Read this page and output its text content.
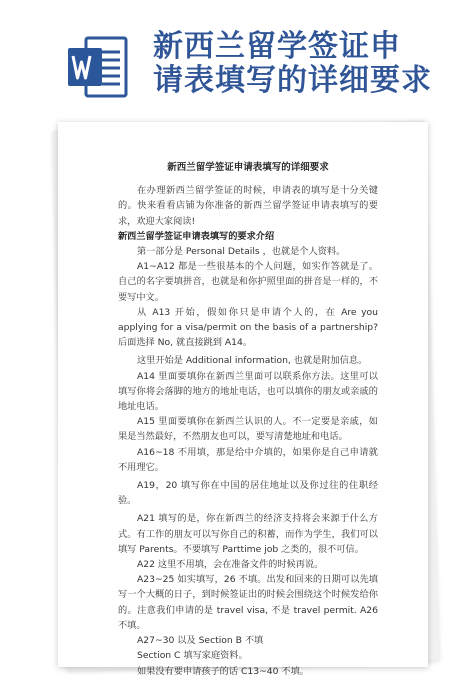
新西兰留学签证申
请表填写的详细要求
新西兰留学签证申请表填写的详细要求

在办理新西兰留学签证的时候，申请表的填写是十分关键的。快来看看店铺为你准备的新西兰留学签证申请表填写的要求，欢迎大家阅读!

新西兰留学签证申请表填写的要求介绍

第一部分是 Personal Details ，也就是个人资料。

A1~A12 都是一些很基本的个人问题，如实作答就是了。自己的名字要填拼音，也就是和你护照里面的拼音是一样的，不要写中文。

从 A13 开始，假如你只是申请个人的，在 Are you applying for a visa/permit on the basis of a partnership?后面选择 No, 就直接跳到 A14。

这里开始是 Additional information, 也就是附加信息。

A14 里面要填你在新西兰里面可以联系你方法。这里可以填写你将会落脚的地方的地址电话，也可以填你的朋友或亲戚的地址电话。

A15 里面要填你在新西兰认识的人。不一定要是亲戚，如果是当然最好，不然朋友也可以，要写清楚地址和电话。

A16~18 不用填，那是给中介填的，如果你是自己申请就不用理它。

A19，20 填写你在中国的居住地址以及你过往的住职经验。

A21 填写的是，你在新西兰的经济支持将会来源于什么方式。有工作的朋友可以写你自己的积蓄，而作为学生，我们可以填写 Parents。不要填写 Parttime job 之类的，很不可信。

A22 这里不用填，会在准备文件的时候再说。

A23~25 如实填写，26 不填。出发和回来的日期可以先填写一个大概的日子，到时候签证出的时候会围绕这个时候发给你的。注意我们申请的是 travel visa, 不是 travel permit. A26 不填。

A27~30 以及 Section B 不填

Section C 填写家庭资料。

如果没有要申请孩子的话 C13~40 不填。
